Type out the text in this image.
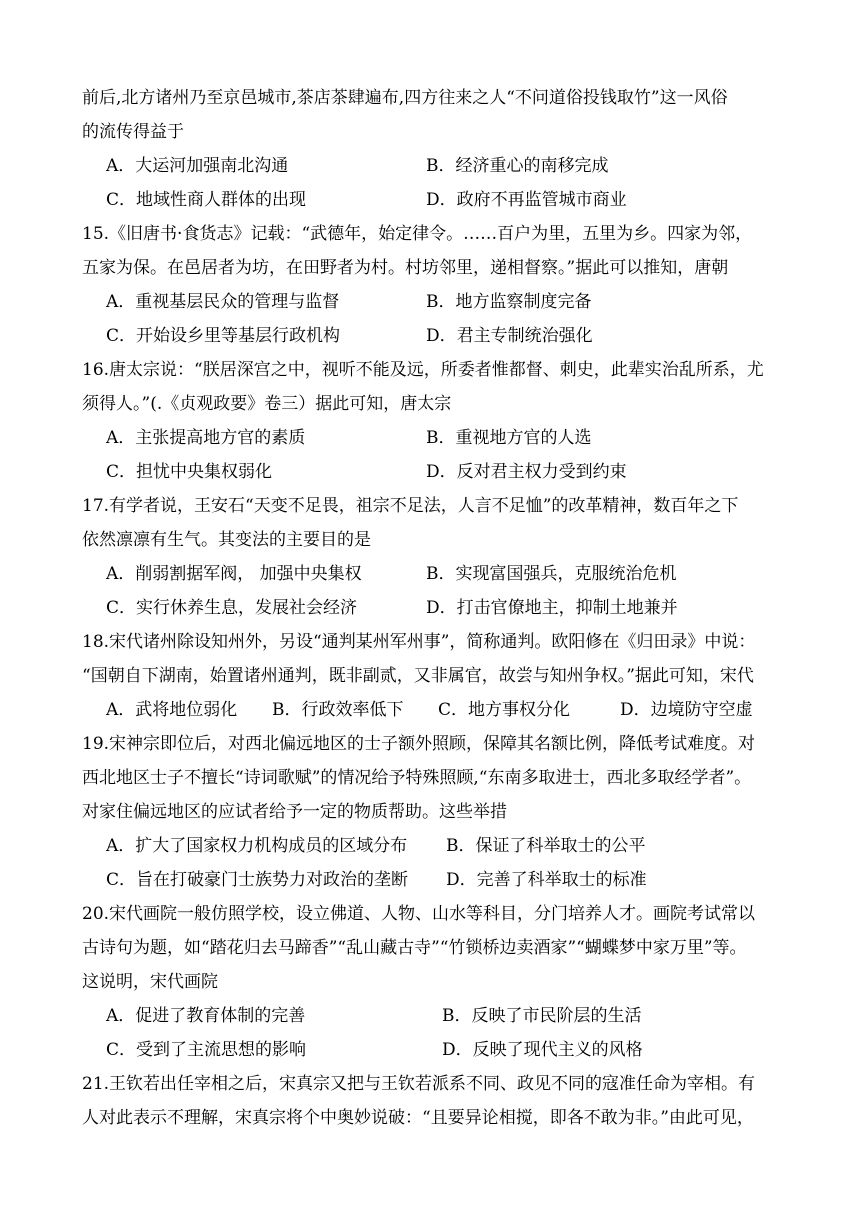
前后,北方诸州乃至京邑城市,茶店茶肆遍布,四方往来之人“不问道俗投钱取竹”这一风俗
的流传得益于
A．大运河加强南北沟通	B．经济重心的南移完成
C．地域性商人群体的出现	D．政府不再监管城市商业
15.《旧唐书·食货志》记载：“武德年，始定律令。……百户为里，五里为乡。四家为邻，
五家为保。在邑居者为坊，在田野者为村。村坊邻里，递相督察。”据此可以推知，唐朝
A．重视基层民众的管理与监督	B．地方监察制度完备
C．开始设乡里等基层行政机构	D．君主专制统治强化
16.唐太宗说：“朕居深宫之中，视听不能及远，所委者惟都督、刺史，此辈实治乱所系，尤
须得人。”(.《贞观政要》卷三）据此可知，唐太宗
A．主张提高地方官的素质	B．重视地方官的人选
C．担忧中央集权弱化	D．反对君主权力受到约束
17.有学者说，王安石“天变不足畏，祖宗不足法，人言不足恤”的改革精神，数百年之下
依然凛凛有生气。其变法的主要目的是
A．削弱割据军阀， 加强中央集权	B．实现富国强兵，克服统治危机
C．实行休养生息，发展社会经济	D．打击官僚地主，抑制土地兼并
18.宋代诸州除设知州外，另设“通判某州军州事”，简称通判。欧阳修在《归田录》中说：
“国朝自下湖南，始置诸州通判，既非副贰，又非属官，故尝与知州争权。”据此可知，宋代
A．武将地位弱化 B．行政效率低下 C．地方事权分化	D．边境防守空虚
19.宋神宗即位后，对西北偏远地区的士子额外照顾，保障其名额比例，降低考试难度。对
西北地区士子不擅长“诗词歌赋”的情况给予特殊照顾,“东南多取进士，西北多取经学者”。
对家住偏远地区的应试者给予一定的物质帮助。这些举措
A．扩大了国家权力机构成员的区域分布 B．保证了科举取士的公平
C．旨在打破豪门士族势力对政治的垄断 D．完善了科举取士的标准
20.宋代画院一般仿照学校，设立佛道、人物、山水等科目，分门培养人才。画院考试常以
古诗句为题，如“踏花归去马蹄香”“乱山藏古寺”“竹锁桥边卖酒家”“蝴蝶梦中家万里”等。
这说明，宋代画院
A．促进了教育体制的完善	B．反映了市民阶层的生活
C．受到了主流思想的影响	D．反映了现代主义的风格
21.王钦若出任宰相之后，宋真宗又把与王钦若派系不同、政见不同的寇准任命为宰相。有
人对此表示不理解，宋真宗将个中奥妙说破：“且要异论相搅，即各不敢为非。”由此可见，
